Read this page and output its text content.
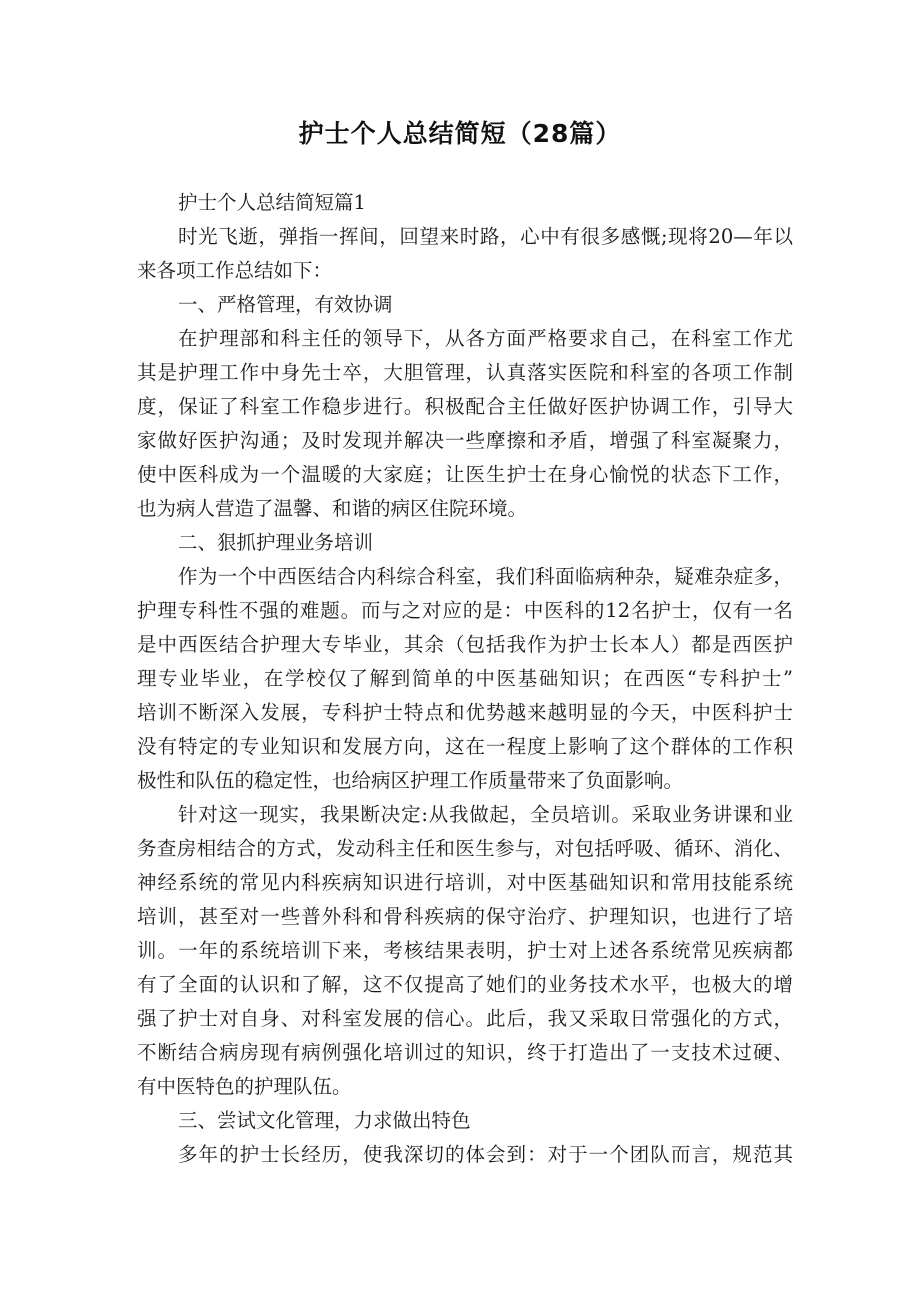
护士个人总结简短（28篇）
护士个人总结简短篇1
时光飞逝，弹指一挥间，回望来时路，心中有很多感慨;现将20—年以
来各项工作总结如下：
一、严格管理，有效协调
在护理部和科主任的领导下，从各方面严格要求自己，在科室工作尤
其是护理工作中身先士卒，大胆管理，认真落实医院和科室的各项工作制
度，保证了科室工作稳步进行。积极配合主任做好医护协调工作，引导大
家做好医护沟通；及时发现并解决一些摩擦和矛盾，增强了科室凝聚力，
使中医科成为一个温暖的大家庭；让医生护士在身心愉悦的状态下工作，
也为病人营造了温馨、和谐的病区住院环境。
二、狠抓护理业务培训
作为一个中西医结合内科综合科室，我们科面临病种杂，疑难杂症多，
护理专科性不强的难题。而与之对应的是：中医科的12名护士，仅有一名
是中西医结合护理大专毕业，其余（包括我作为护士长本人）都是西医护
理专业毕业，在学校仅了解到简单的中医基础知识；在西医“专科护士”
培训不断深入发展，专科护士特点和优势越来越明显的今天，中医科护士
没有特定的专业知识和发展方向，这在一程度上影响了这个群体的工作积
极性和队伍的稳定性，也给病区护理工作质量带来了负面影响。
针对这一现实，我果断决定:从我做起，全员培训。采取业务讲课和业
务查房相结合的方式，发动科主任和医生参与，对包括呼吸、循环、消化、
神经系统的常见内科疾病知识进行培训，对中医基础知识和常用技能系统
培训，甚至对一些普外科和骨科疾病的保守治疗、护理知识，也进行了培
训。一年的系统培训下来，考核结果表明，护士对上述各系统常见疾病都
有了全面的认识和了解，这不仅提高了她们的业务技术水平，也极大的增
强了护士对自身、对科室发展的信心。此后，我又采取日常强化的方式，
不断结合病房现有病例强化培训过的知识，终于打造出了一支技术过硬、
有中医特色的护理队伍。
三、尝试文化管理，力求做出特色
多年的护士长经历，使我深切的体会到：对于一个团队而言，规范其
